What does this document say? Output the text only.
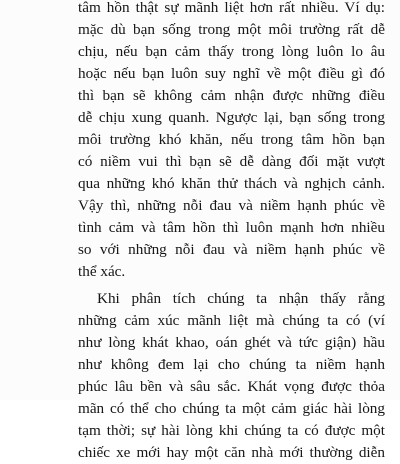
tâm hồn thật sự mãnh liệt hơn rất nhiều. Ví dụ:
mặc dù bạn sống trong một môi trường rất dễ
chịu, nếu bạn cảm thấy trong lòng luôn lo âu
hoặc nếu bạn luôn suy nghĩ về một điều gì đó
thì bạn sẽ không cảm nhận được những điều
dễ chịu xung quanh. Ngược lại, bạn sống trong
môi trường khó khăn, nếu trong tâm hồn bạn
có niềm vui thì bạn sẽ dễ dàng đối mặt vượt
qua những khó khăn thử thách và nghịch cảnh.
Vậy thì, những nỗi đau và niềm hạnh phúc về
tình cảm và tâm hồn thì luôn mạnh hơn nhiều
so với những nỗi đau và niềm hạnh phúc về
thể xác.
Khi phân tích chúng ta nhận thấy rằng
những cảm xúc mãnh liệt mà chúng ta có (ví
như lòng khát khao, oán ghét và tức giận) hầu
như không đem lại cho chúng ta niềm hạnh
phúc lâu bền và sâu sắc. Khát vọng được thỏa
mãn có thể cho chúng ta một cảm giác hài lòng
tạm thời; sự hài lòng khi chúng ta có được một
chiếc xe mới hay một căn nhà mới thường diễn
